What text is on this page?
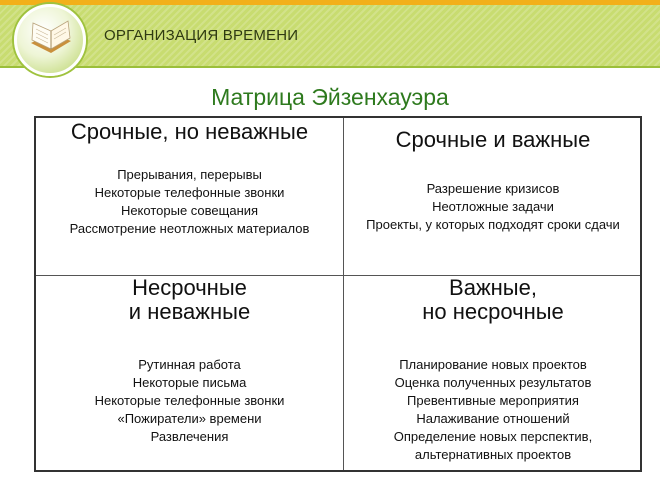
ОРГАНИЗАЦИЯ ВРЕМЕНИ
Матрица Эйзенхауэра

Срочные, но неважные

Прерывания, перерывы
Некоторые телефонные звонки
Некоторые совещания
Рассмотрение неотложных материалов

Срочные и важные

Разрешение кризисов
Неотложные задачи
Проекты, у которых подходят сроки сдачи

Несрочные
и неважные

Рутинная работа
Некоторые письма
Некоторые телефонные звонки
«Пожиратели» времени
Развлечения

Важные,
но несрочные

Планирование новых проектов
Оценка полученных результатов
Превентивные мероприятия
Налаживание отношений
Определение новых перспектив,
альтернативных проектов
